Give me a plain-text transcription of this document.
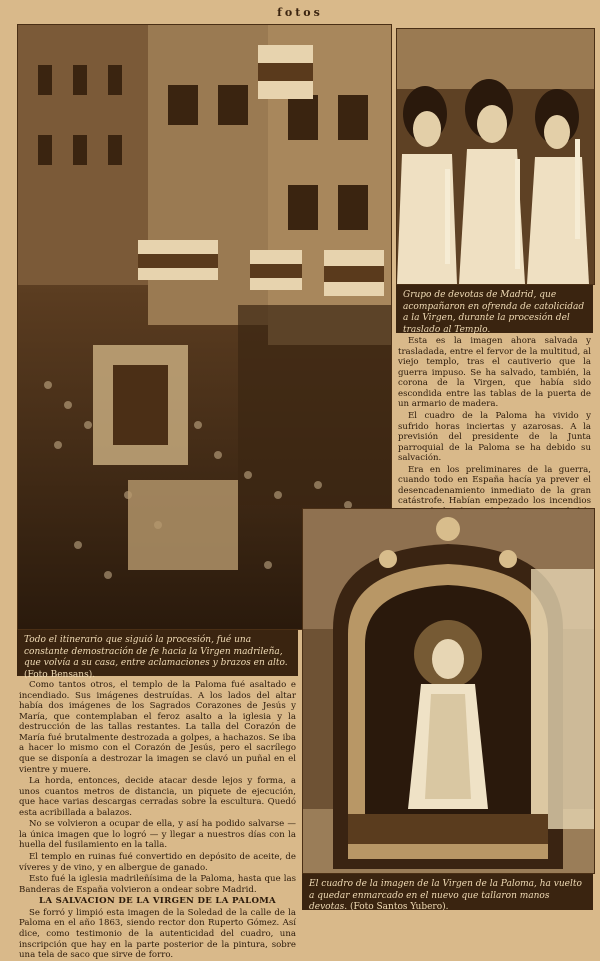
fotos
Grupo de devotas de Madrid, que acompañaron en ofrenda de catolicidad a la Virgen, durante la procesión del traslado al Templo.

Esta es la imagen ahora salvada y trasladada, entre el fervor de la multitud, al viejo templo, tras el cautiverio que la guerra impuso. Se ha salvado, también, la corona de la Virgen, que había sido escondida entre las tablas de la puerta de un armario de madera.

El cuadro de la Paloma ha vivido y sufrido horas inciertas y azarosas. A la previsión del presidente de la Junta parroquial de la Paloma se ha debido su salvación.

Era en los preliminares de la guerra, cuando todo en España hacía ya prever el desencadenamiento inmediato de la gran catástrofe. Habían empezado los incendios

Todo el itinerario que siguió la procesión, fué una constante demostración de fe hacia la Virgen madrileña, que volvía a su casa, entre aclamaciones y brazos en alto. (Foto Bensans).
El cuadro de la imagen de la Virgen de la Paloma, ha vuelto a quedar enmarcado en el nuevo que tallaron manos devotas. (Foto Santos Yubero).

Como tantos otros, el templo de la Paloma fué asaltado e incendiado. Sus imágenes destruídas. A los lados del altar había dos imágenes de los Sagrados Corazones de Jesús y María, que contemplaban el feroz asalto a la iglesia y la destrucción de las tallas restantes. La talla del Corazón de María fué brutalmente destrozada a golpes, a hachazos. Se iba a hacer lo mismo con el Corazón de Jesús, pero el sacrílego que se disponía a destrozar la imagen se clavó un puñal en el vientre y muere.

La horda, entonces, decide atacar desde lejos y forma, a unos cuantos metros de distancia, un piquete de ejecución, que hace varias descargas cerradas sobre la escultura. Quedó esta acribillada a balazos.

No se volvieron a ocupar de ella, y así ha podido salvarse — la única imagen que lo logró — y llegar a nuestros días con la huella del fusilamiento en la talla.

El templo en ruinas fué convertido en depósito de aceite, de víveres y de vino, y en albergue de ganado.

Esto fué la iglesia madrileñísima de la Paloma, hasta que las Banderas de España volvieron a ondear sobre Madrid.

LA SALVACION DE LA VIRGEN DE LA PALOMA

Se forró y limpió esta imagen de la Soledad de la calle de la Paloma en el año 1863, siendo rector don Ruperto Gómez. Así dice, como testimonio de la autenticidad del cuadro, una inscripción que hay en la parte posterior de la pintura, sobre una tela de saco que sirve de forro.
